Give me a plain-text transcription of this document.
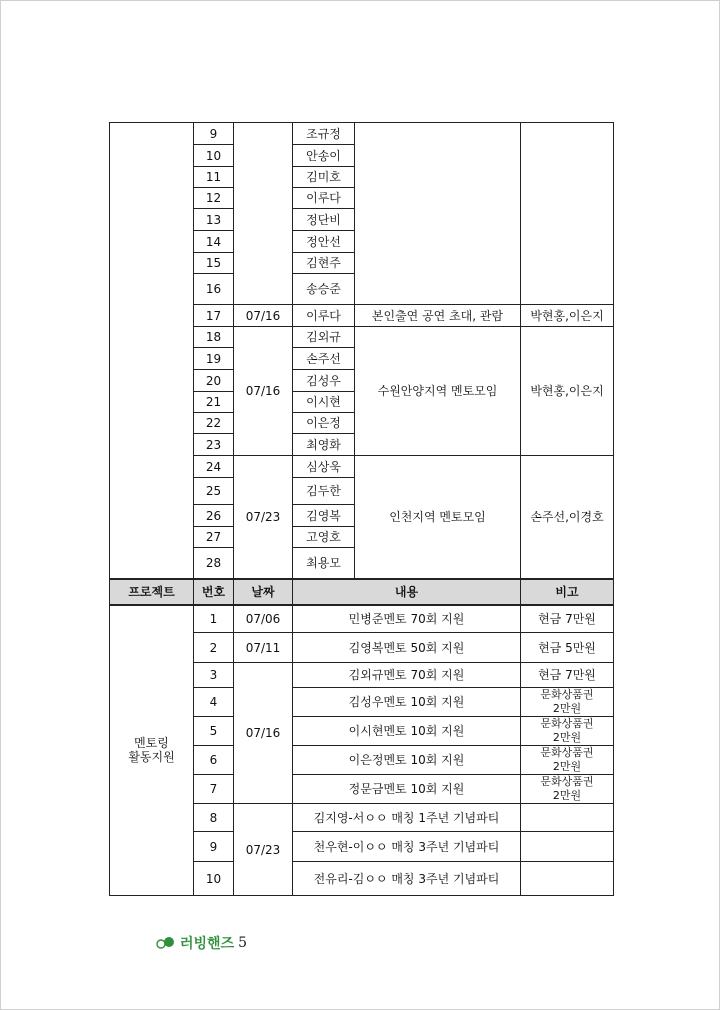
	9		조규정		
	10		안송이		
	11		김미호		
	12		이루다		
	13		정단비		
	14		정안선		
	15		김현주		
	16		송승준		
	17	07/16	이루다	본인출연 공연 초대, 관람	박현홍,이은지
	18	07/16	김외규	수원안양지역 멘토모임	박현홍,이은지
	19		손주선		
	20		김성우		
	21		이시현		
	22		이은정		
	23		최영화		
	24	07/23	심상욱	인천지역 멘토모임	손주선,이경호
	25		김두한		
	26		김영복		
	27		고영호		
	28		최용모		
프로젝트	번호	날짜	내용		비고
멘토링
활동지원	1	07/06	민병준멘토 70회 지원		현금 7만원
	2	07/11	김영복멘토 50회 지원		현금 5만원
	3	07/16	김외규멘토 70회 지원		현금 7만원
	4		김성우멘토 10회 지원		문화상품권
2만원
	5		이시현멘토 10회 지원		문화상품권
2만원
	6		이은정멘토 10회 지원		문화상품권
2만원
	7		정문금멘토 10회 지원		문화상품권
2만원
	8	07/23	김지영-서ㅇㅇ 매칭 1주년 기념파티		
	9		천우현-이ㅇㅇ 매칭 3주년 기념파티		
	10		전유리-김ㅇㅇ 매칭 3주년 기념파티		
러빙핸즈 5
